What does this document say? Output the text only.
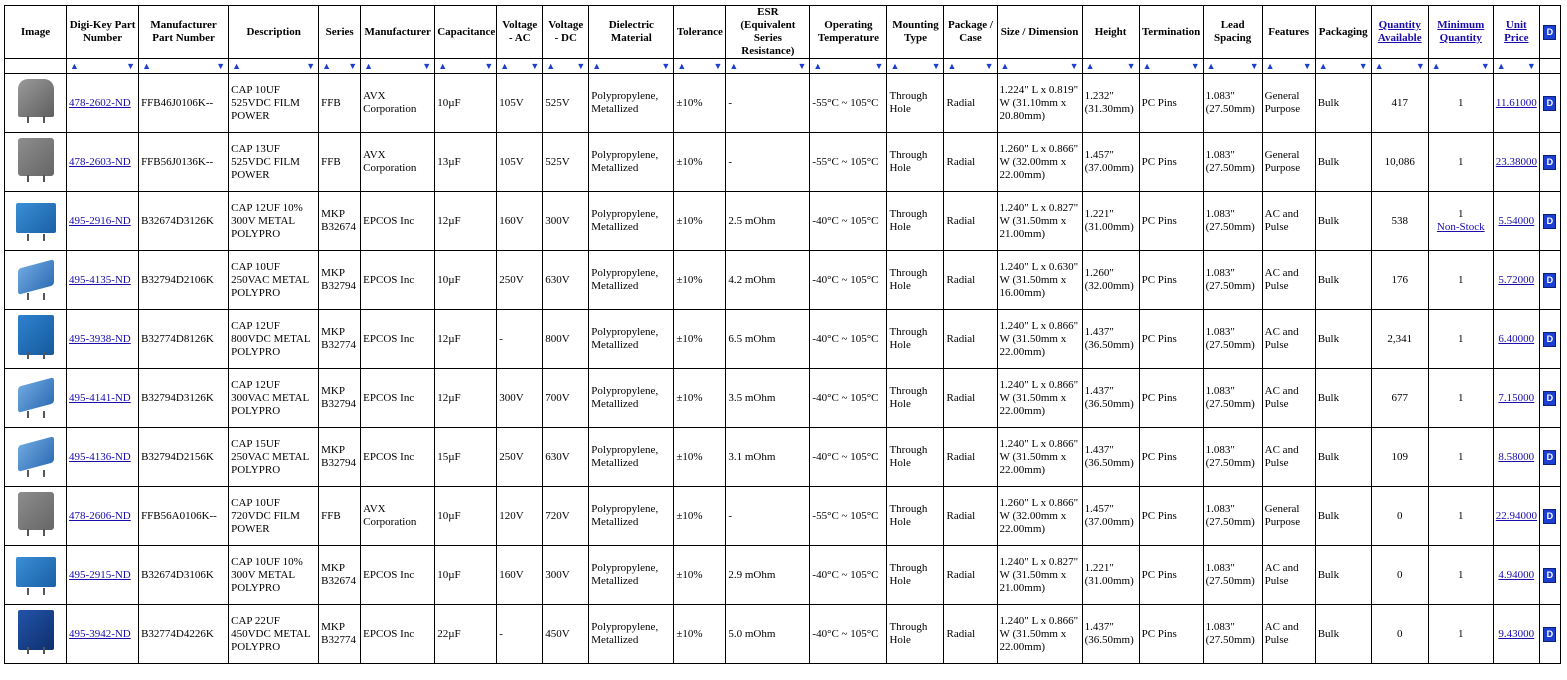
Image	Digi-Key Part Number	Manufacturer Part Number	Description	Series	Manufacturer	Capacitance	Voltage - AC	Voltage - DC	Dielectric Material	Tolerance	ESR (Equivalent Series Resistance)	Operating Temperature	Mounting Type	Package / Case	Size / Dimension	Height	Termination	Lead Spacing	Features	Packaging	Quantity Available	Minimum Quantity	Unit Price	D

	▲ ▼	▲ ▼	▲ ▼	▲ ▼	▲ ▼	▲ ▼	▲ ▼	▲ ▼	▲ ▼	▲ ▼	▲ ▼	▲ ▼	▲ ▼	▲ ▼	▲ ▼	▲ ▼	▲ ▼	▲ ▼	▲ ▼	▲ ▼	▲ ▼	▲ ▼	▲ ▼	

	478-2602-ND	FFB46J0106K--	CAP 10UF 525VDC FILM POWER	FFB	AVX Corporation	10µF	105V	525V	Polypropylene, Metallized	±10%	-	-55°C ~ 105°C	Through Hole	Radial	1.224" L x 0.819" W (31.10mm x 20.80mm)	1.232" (31.30mm)	PC Pins	1.083" (27.50mm)	General Purpose	Bulk	417	1	11.61000	D

	478-2603-ND	FFB56J0136K--	CAP 13UF 525VDC FILM POWER	FFB	AVX Corporation	13µF	105V	525V	Polypropylene, Metallized	±10%	-	-55°C ~ 105°C	Through Hole	Radial	1.260" L x 0.866" W (32.00mm x 22.00mm)	1.457" (37.00mm)	PC Pins	1.083" (27.50mm)	General Purpose	Bulk	10,086	1	23.38000	D

	495-2916-ND	B32674D3126K	CAP 12UF 10% 300V METAL POLYPRO	MKP B32674	EPCOS Inc	12µF	160V	300V	Polypropylene, Metallized	±10%	2.5 mOhm	-40°C ~ 105°C	Through Hole	Radial	1.240" L x 0.827" W (31.50mm x 21.00mm)	1.221" (31.00mm)	PC Pins	1.083" (27.50mm)	AC and Pulse	Bulk	538	1
Non-Stock	5.54000	D

	495-4135-ND	B32794D2106K	CAP 10UF 250VAC METAL POLYPRO	MKP B32794	EPCOS Inc	10µF	250V	630V	Polypropylene, Metallized	±10%	4.2 mOhm	-40°C ~ 105°C	Through Hole	Radial	1.240" L x 0.630" W (31.50mm x 16.00mm)	1.260" (32.00mm)	PC Pins	1.083" (27.50mm)	AC and Pulse	Bulk	176	1	5.72000	D

	495-3938-ND	B32774D8126K	CAP 12UF 800VDC METAL POLYPRO	MKP B32774	EPCOS Inc	12µF	-	800V	Polypropylene, Metallized	±10%	6.5 mOhm	-40°C ~ 105°C	Through Hole	Radial	1.240" L x 0.866" W (31.50mm x 22.00mm)	1.437" (36.50mm)	PC Pins	1.083" (27.50mm)	AC and Pulse	Bulk	2,341	1	6.40000	D

	495-4141-ND	B32794D3126K	CAP 12UF 300VAC METAL POLYPRO	MKP B32794	EPCOS Inc	12µF	300V	700V	Polypropylene, Metallized	±10%	3.5 mOhm	-40°C ~ 105°C	Through Hole	Radial	1.240" L x 0.866" W (31.50mm x 22.00mm)	1.437" (36.50mm)	PC Pins	1.083" (27.50mm)	AC and Pulse	Bulk	677	1	7.15000	D

	495-4136-ND	B32794D2156K	CAP 15UF 250VAC METAL POLYPRO	MKP B32794	EPCOS Inc	15µF	250V	630V	Polypropylene, Metallized	±10%	3.1 mOhm	-40°C ~ 105°C	Through Hole	Radial	1.240" L x 0.866" W (31.50mm x 22.00mm)	1.437" (36.50mm)	PC Pins	1.083" (27.50mm)	AC and Pulse	Bulk	109	1	8.58000	D

	478-2606-ND	FFB56A0106K--	CAP 10UF 720VDC FILM POWER	FFB	AVX Corporation	10µF	120V	720V	Polypropylene, Metallized	±10%	-	-55°C ~ 105°C	Through Hole	Radial	1.260" L x 0.866" W (32.00mm x 22.00mm)	1.457" (37.00mm)	PC Pins	1.083" (27.50mm)	General Purpose	Bulk	0	1	22.94000	D

	495-2915-ND	B32674D3106K	CAP 10UF 10% 300V METAL POLYPRO	MKP B32674	EPCOS Inc	10µF	160V	300V	Polypropylene, Metallized	±10%	2.9 mOhm	-40°C ~ 105°C	Through Hole	Radial	1.240" L x 0.827" W (31.50mm x 21.00mm)	1.221" (31.00mm)	PC Pins	1.083" (27.50mm)	AC and Pulse	Bulk	0	1	4.94000	D

	495-3942-ND	B32774D4226K	CAP 22UF 450VDC METAL POLYPRO	MKP B32774	EPCOS Inc	22µF	-	450V	Polypropylene, Metallized	±10%	5.0 mOhm	-40°C ~ 105°C	Through Hole	Radial	1.240" L x 0.866" W (31.50mm x 22.00mm)	1.437" (36.50mm)	PC Pins	1.083" (27.50mm)	AC and Pulse	Bulk	0	1	9.43000	D
